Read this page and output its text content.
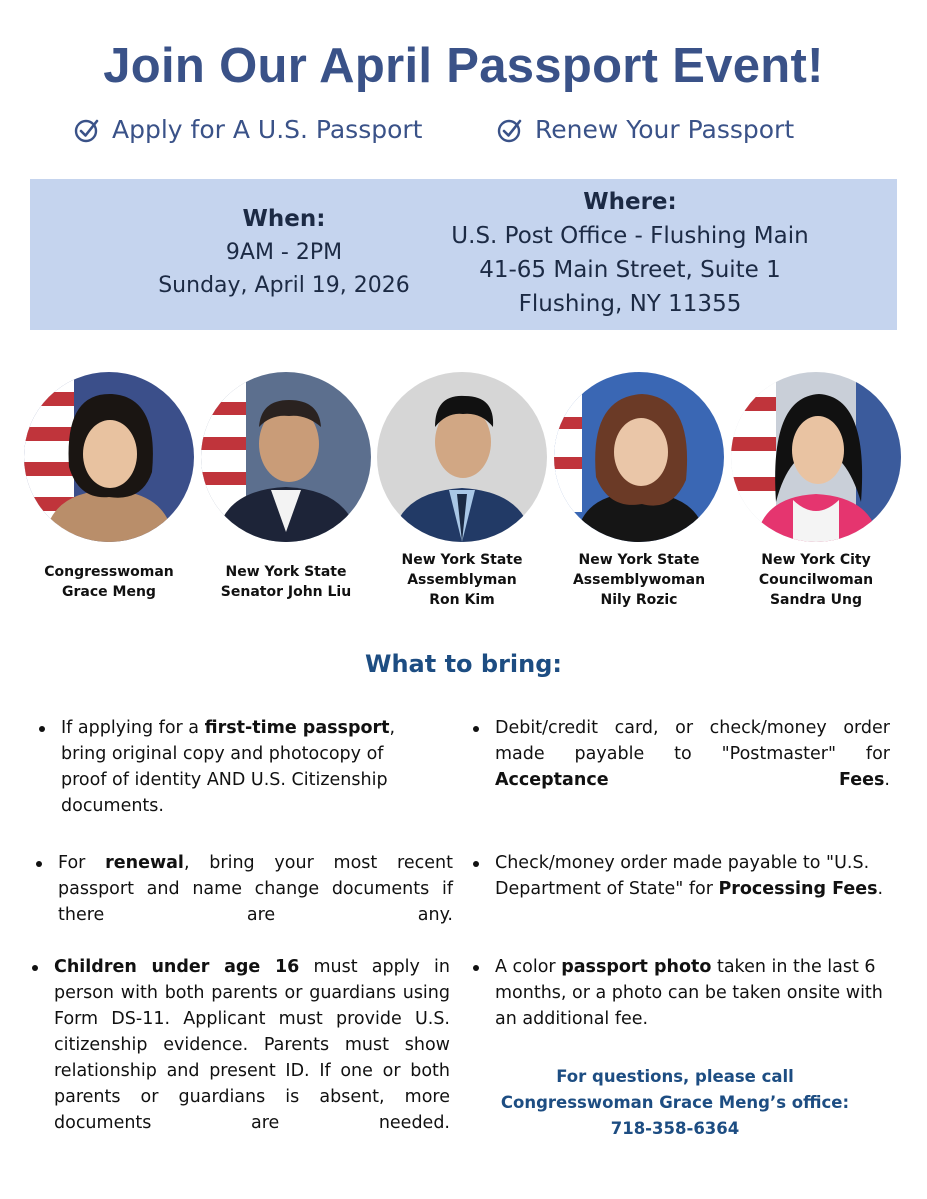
Join Our April Passport Event!
Apply for A U.S. Passport	Renew Your Passport
When:
9AM - 2PM
Sunday, April 19, 2026
Where:
U.S. Post Office - Flushing Main
41-65 Main Street, Suite 1
Flushing, NY 11355
Congresswoman
Grace Meng
New York State
Senator John Liu
New York State
Assemblyman
Ron Kim
New York State
Assemblywoman
Nily Rozic
New York City
Councilwoman
Sandra Ung
What to bring:
If applying for a first-time passport, bring original copy and photocopy of proof of identity AND U.S. Citizenship documents.
For renewal, bring your most recent passport and name change documents if there are any.
Children under age 16 must apply in person with both parents or guardians using Form DS-11. Applicant must provide U.S. citizenship evidence. Parents must show relationship and present ID. If one or both parents or guardians is absent, more documents are needed.
Debit/credit card, or check/money order made payable to "Postmaster" for Acceptance Fees.
Check/money order made payable to "U.S. Department of State" for Processing Fees.
A color passport photo taken in the last 6 months, or a photo can be taken onsite with an additional fee.
For questions, please call
Congresswoman Grace Meng’s office:
718-358-6364
